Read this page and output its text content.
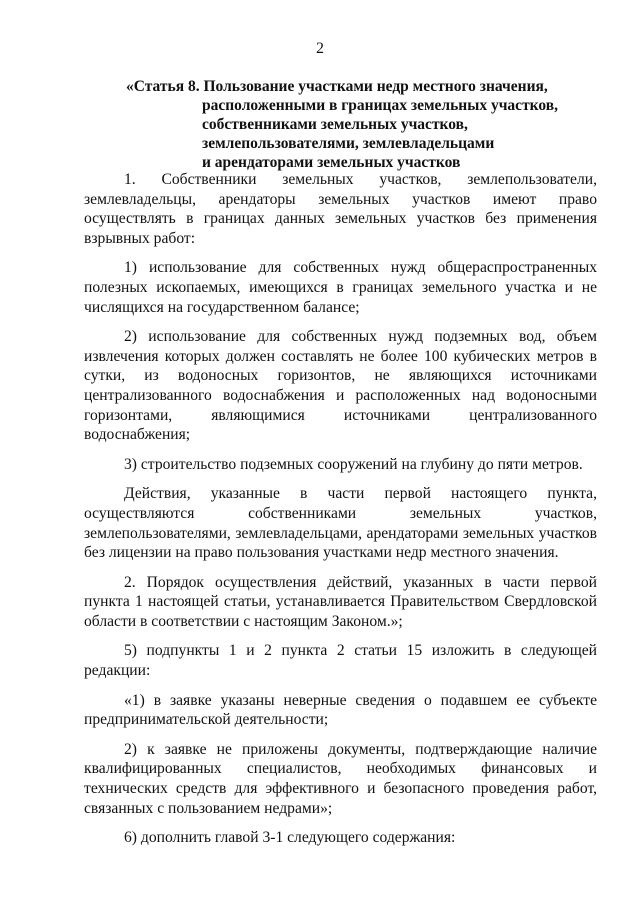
2
«Статья 8. Пользование участками недр местного значения,
расположенными в границах земельных участков,
собственниками земельных участков,
землепользователями, землевладельцами
и арендаторами земельных участков

1. Собственники земельных участков, землепользователи, землевладельцы, арендаторы земельных участков имеют право осуществлять в границах данных земельных участков без применения взрывных работ:

1) использование для собственных нужд общераспространенных полезных ископаемых, имеющихся в границах земельного участка и не числящихся на государственном балансе;

2) использование для собственных нужд подземных вод, объем извлечения которых должен составлять не более 100 кубических метров в сутки, из водоносных горизонтов, не являющихся источниками централизованного водоснабжения и расположенных над водоносными горизонтами, являющимися источниками централизованного водоснабжения;

3) строительство подземных сооружений на глубину до пяти метров.

Действия, указанные в части первой настоящего пункта, осуществляются собственниками земельных участков, землепользователями, землевладельцами, арендаторами земельных участков без лицензии на право пользования участками недр местного значения.

2. Порядок осуществления действий, указанных в части первой пункта 1 настоящей статьи, устанавливается Правительством Свердловской области в соответствии с настоящим Законом.»;

5) подпункты 1 и 2 пункта 2 статьи 15 изложить в следующей редакции:

«1) в заявке указаны неверные сведения о подавшем ее субъекте предпринимательской деятельности;

2) к заявке не приложены документы, подтверждающие наличие квалифицированных специалистов, необходимых финансовых и технических средств для эффективного и безопасного проведения работ, связанных с пользованием недрами»;

6) дополнить главой 3-1 следующего содержания:
